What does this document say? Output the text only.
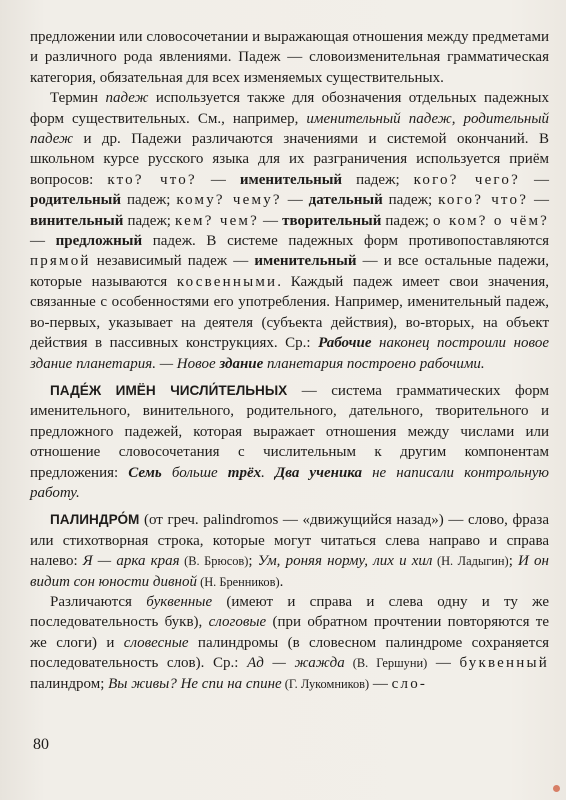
предложении или словосочетании и выражающая отношения между предметами и различного рода явлениями. Падеж — словоизменительная грамматическая категория, обязательная для всех изменяемых существительных.

Термин падеж используется также для обозначения отдельных падежных форм существительных. См., например, именительный падеж, родительный падеж и др. Падежи различаются значениями и системой окончаний. В школьном курсе русского языка для их разграничения используется приём вопросов: кто? что? — именительный падеж; кого? чего? — родительный падеж; кому? чему? — дательный падеж; кого? что? — винительный падеж; кем? чем? — творительный падеж; о ком? о чём? — предложный падеж. В системе падежных форм противопоставляются прямой независимый падеж — именительный — и все остальные падежи, которые называются косвенными. Каждый падеж имеет свои значения, связанные с особенностями его употребления. Например, именительный падеж, во-первых, указывает на деятеля (субъекта действия), во-вторых, на объект действия в пассивных конструкциях. Ср.: Рабочие наконец построили новое здание планетария. — Новое здание планетария построено рабочими.

ПАДЕ́Ж ИМЁН ЧИСЛИ́ТЕЛЬНЫХ — система грамматических форм именительного, винительного, родительного, дательного, творительного и предложного падежей, которая выражает отношения между числами или отношение словосочетания с числительным к другим компонентам предложения: Семь больше трёх. Два ученика не написали контрольную работу.

ПАЛИНДРО́М (от греч. palindromos — «движущийся назад») — слово, фраза или стихотворная строка, которые могут читаться слева направо и справа налево: Я — арка края (В. Брюсов); Ум, роняя норму, лих и хил (Н. Ладыгин); И он видит сон юности дивной (Н. Бренников).

Различаются буквенные (имеют и справа и слева одну и ту же последовательность букв), слоговые (при обратном прочтении повторяются те же слоги) и словесные палиндромы (в словесном палиндроме сохраняется последовательность слов). Ср.: Ад — жажда (В. Гершуни) — буквенный палиндром; Вы живы? Не спи на спине (Г. Лукомников) — сло-

80
